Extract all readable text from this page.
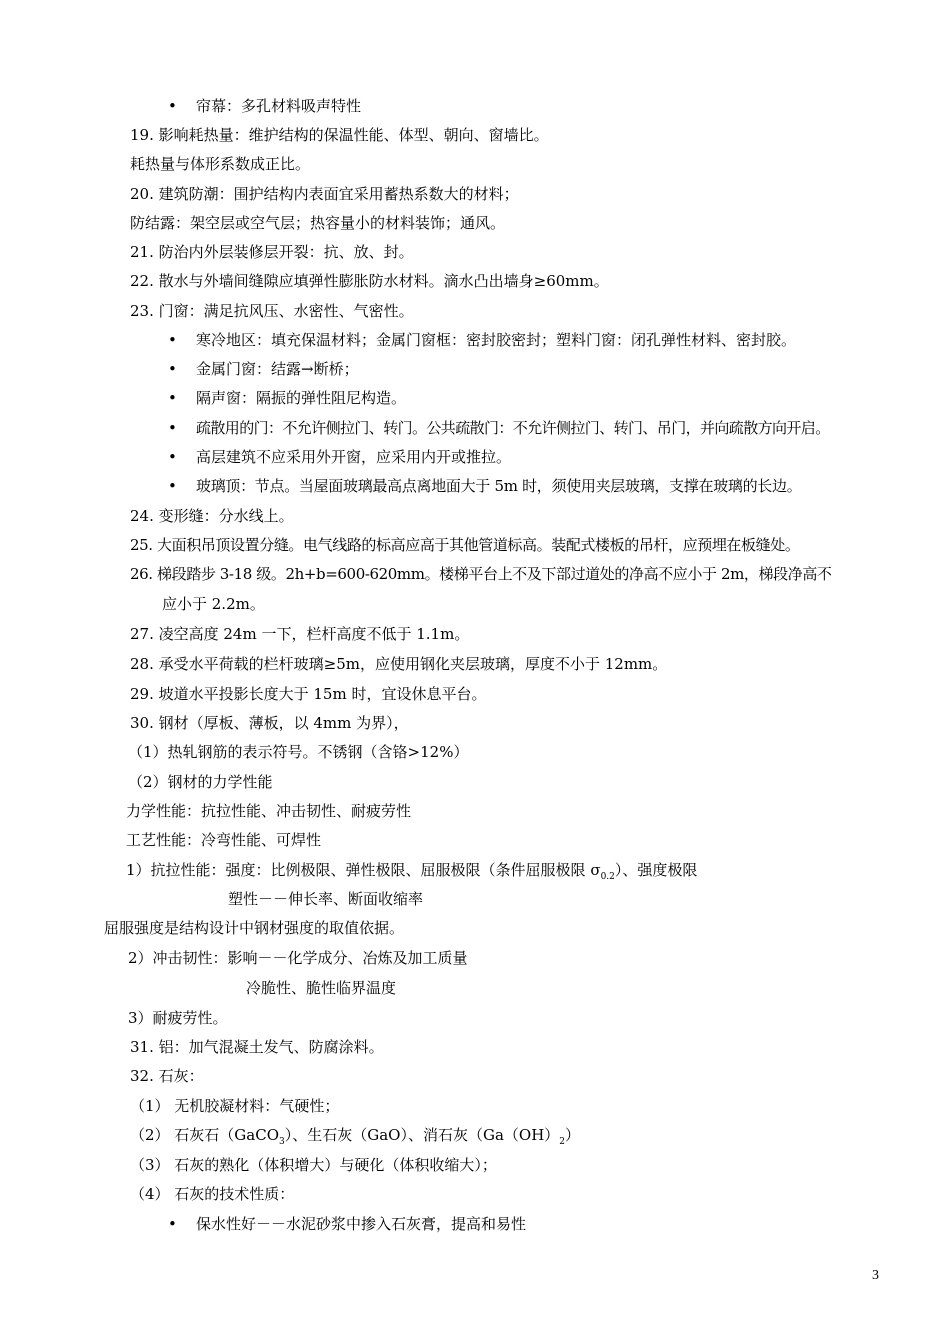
• 帘幕：多孔材料吸声特性
19. 影响耗热量：维护结构的保温性能、体型、朝向、窗墙比。
耗热量与体形系数成正比。
20. 建筑防潮：围护结构内表面宜采用蓄热系数大的材料；
防结露：架空层或空气层；热容量小的材料装饰；通风。
21. 防治内外层装修层开裂：抗、放、封。
22. 散水与外墙间缝隙应填弹性膨胀防水材料。滴水凸出墙身≥60mm。
23. 门窗：满足抗风压、水密性、气密性。
• 寒冷地区：填充保温材料；金属门窗框：密封胶密封；塑料门窗：闭孔弹性材料、密封胶。
• 金属门窗：结露→断桥；
• 隔声窗：隔振的弹性阻尼构造。
• 疏散用的门：不允许侧拉门、转门。公共疏散门：不允许侧拉门、转门、吊门，并向疏散方向开启。
• 高层建筑不应采用外开窗，应采用内开或推拉。
• 玻璃顶：节点。当屋面玻璃最高点离地面大于 5m 时，须使用夹层玻璃，支撑在玻璃的长边。
24. 变形缝：分水线上。
25. 大面积吊顶设置分缝。电气线路的标高应高于其他管道标高。装配式楼板的吊杆，应预埋在板缝处。
26. 梯段踏步 3-18 级。2h+b=600-620mm。楼梯平台上不及下部过道处的净高不应小于 2m，梯段净高不
应小于 2.2m。
27. 凌空高度 24m 一下，栏杆高度不低于 1.1m。
28. 承受水平荷载的栏杆玻璃≥5m，应使用钢化夹层玻璃，厚度不小于 12mm。
29. 坡道水平投影长度大于 15m 时，宜设休息平台。
30. 钢材（厚板、薄板，以 4mm 为界），
（1）热轧钢筋的表示符号。不锈钢（含铬>12%）
（2）钢材的力学性能
力学性能：抗拉性能、冲击韧性、耐疲劳性
工艺性能：冷弯性能、可焊性
1）抗拉性能：强度：比例极限、弹性极限、屈服极限（条件屈服极限 $\sigma_{0.2}$）、强度极限
塑性－－伸长率、断面收缩率
屈服强度是结构设计中钢材强度的取值依据。
2）冲击韧性：影响－－化学成分、冶炼及加工质量
冷脆性、脆性临界温度
3）耐疲劳性。
31. 铝：加气混凝土发气、防腐涂料。
32. 石灰：
（1） 无机胶凝材料：气硬性；
（2） 石灰石（GaCO$_3$）、生石灰（GaO）、消石灰$(Ga(OH)_2)$
（3） 石灰的熟化（体积增大）与硬化（体积收缩大）；
（4） 石灰的技术性质：
• 保水性好－－水泥砂浆中掺入石灰膏，提高和易性
3
